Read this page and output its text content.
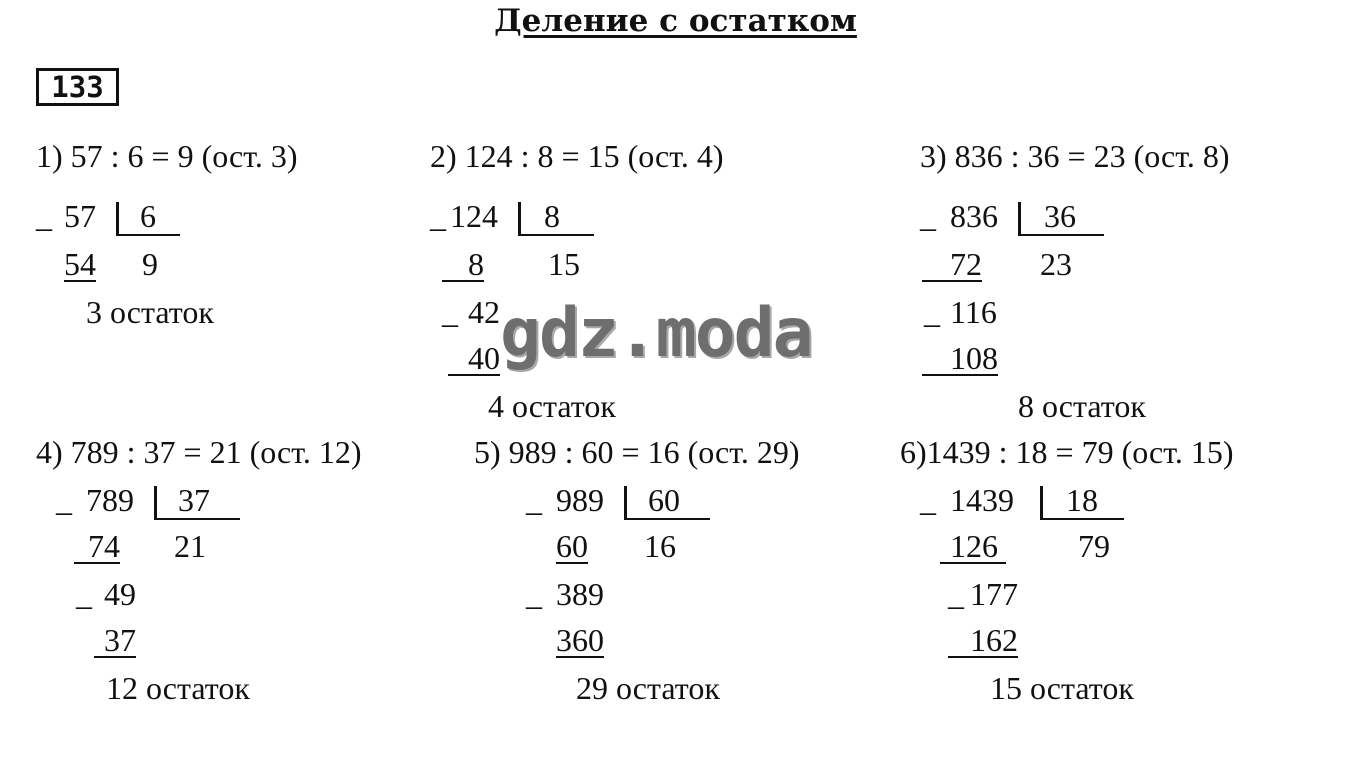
Деление с остатком
133
1) 57 : 6 = 9 (ост. 3)
_ 57 6
54 9
3 остаток
2) 124 : 8 = 15 (ост. 4)
_ 124 8
8 15
_ 42
40
4 остаток
3) 836 : 36 = 23 (ост. 8)
_ 836 36
72 23
_ 116
108
8 остаток
4) 789 : 37 = 21 (ост. 12)
_ 789 37
74 21
_ 49
37
12 остаток
5) 989 : 60 = 16 (ост. 29)
_ 989 60
60 16
_ 389
360
29 остаток
6)1439 : 18 = 79 (ост. 15)
_ 1439 18
126	79
_ 177
162
15 остаток
gdz.moda
